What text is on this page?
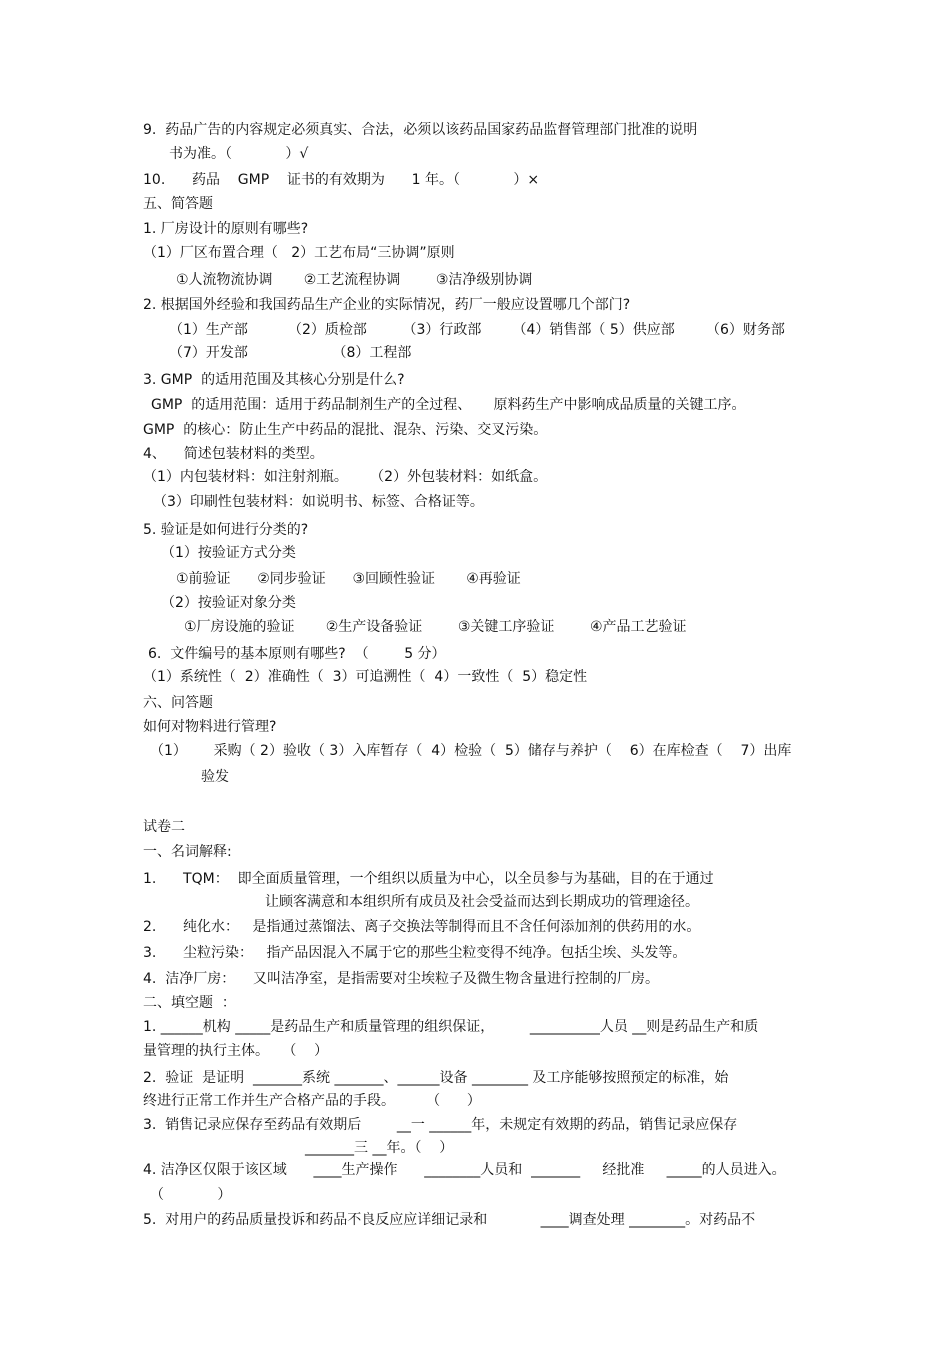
9.  药品广告的内容规定必须真实、合法，必须以该药品国家药品监督管理部门批准的说明
书为准。（            ）√
10.      药品    GMP    证书的有效期为      1 年。（            ）×
五、简答题
1. 厂房设计的原则有哪些?
（1）厂区布置合理（   2）工艺布局“三协调”原则
①人流物流协调       ②工艺流程协调        ③洁净级别协调
2. 根据国外经验和我国药品生产企业的实际情况，药厂一般应设置哪几个部门?
（1）生产部         （2）质检部        （3）行政部       （4）销售部（ 5）供应部       （6）财务部
（7）开发部                   （8）工程部
3. GMP  的适用范围及其核心分别是什么?
GMP  的适用范围：适用于药品制剂生产的全过程、     原料药生产中影响成品质量的关键工序。
GMP  的核心：防止生产中药品的混批、混杂、污染、交叉污染。
4、    简述包装材料的类型。
（1）内包装材料：如注射剂瓶。     （2）外包装材料：如纸盒。
（3）印刷性包装材料：如说明书、标签、合格证等。
5. 验证是如何进行分类的?
（1）按验证方式分类
①前验证      ②同步验证      ③回顾性验证       ④再验证
（2）按验证对象分类
①厂房设施的验证       ②生产设备验证        ③关键工序验证        ④产品工艺验证
6.  文件编号的基本原则有哪些?  （        5 分）
（1）系统性（  2）准确性（  3）可追溯性（  4）一致性（  5）稳定性
六、问答题
如何对物料进行管理?
（1）      采购（ 2）验收（ 3）入库暂存（  4）检验（  5）储存与养护（    6）在库检查（    7）出库
验发
试卷二
一、名词解释:
1.      TQM：  即全面质量管理，一个组织以质量为中心，以全员参与为基础，目的在于通过
让顾客满意和本组织所有成员及社会受益而达到长期成功的管理途径。
2.      纯化水：   是指通过蒸馏法、离子交换法等制得而且不含任何添加剂的供药用的水。
3.      尘粒污染：   指产品因混入不属于它的那些尘粒变得不纯净。包括尘埃、头发等。
4.  洁净厂房：    又叫洁净室，是指需要对尘埃粒子及微生物含量进行控制的厂房。
二、填空题  ：
1. ______机构 _____是药品生产和质量管理的组织保证，        __________人员 __则是药品生产和质
量管理的执行主体。   （    ）
2.  验证  是证明  _______系统 _______、______设备 ________ 及工序能够按照预定的标准，始
终进行正常工作并生产合格产品的手段。       （      ）
3.  销售记录应保存至药品有效期后        __一 ______年，未规定有效期的药品，销售记录应保存
_______三 __年。（    ）
4. 洁净区仅限于该区域      ____生产操作      ________人员和  _______     经批准     _____的人员进入。
（            ）
5.  对用户的药品质量投诉和药品不良反应应详细记录和            ____调查处理 ________。对药品不
